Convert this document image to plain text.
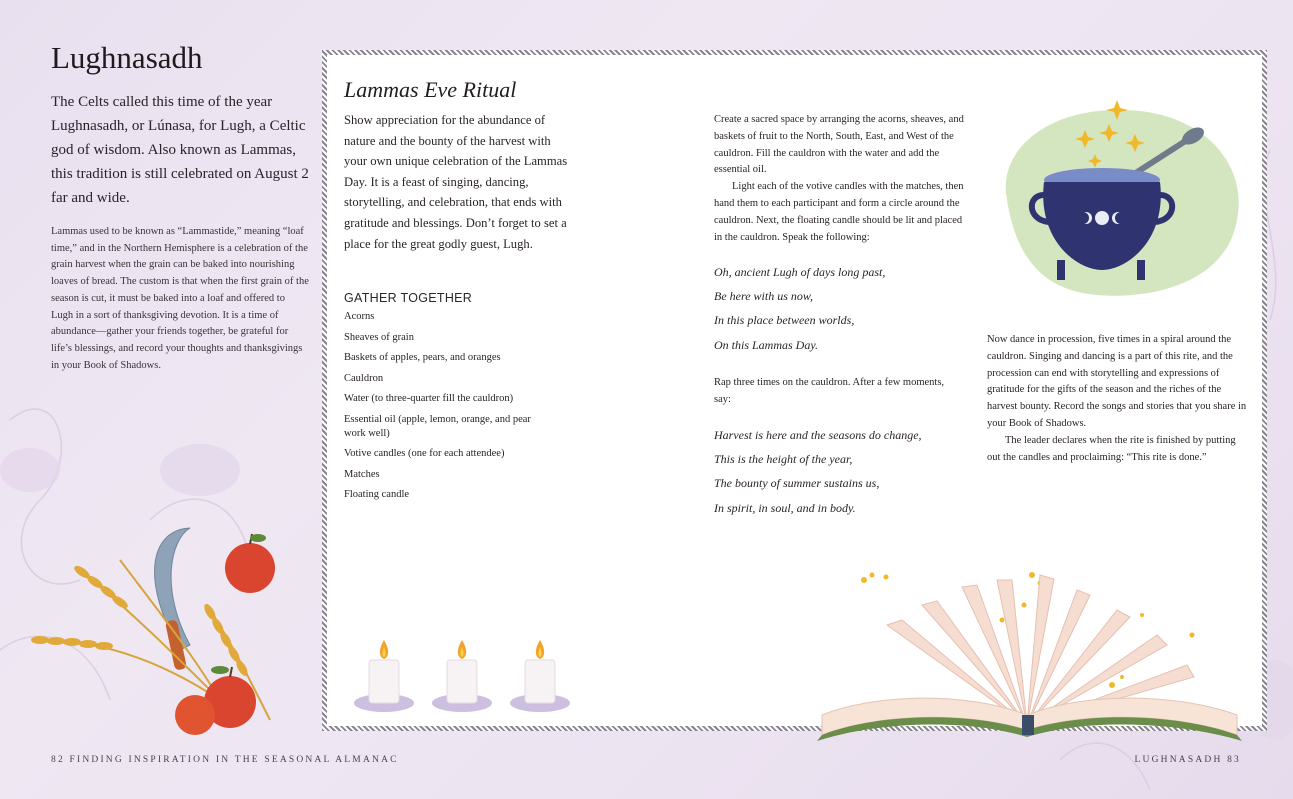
Lughnasadh

The Celts called this time of the year Lughnasadh, or Lúnasa, for Lugh, a Celtic god of wisdom. Also known as Lammas, this tradition is still celebrated on August 2 far and wide.

Lammas used to be known as “Lammastide,” meaning “loaf time,” and in the Northern Hemisphere is a celebration of the grain harvest when the grain can be baked into nourishing loaves of bread. The custom is that when the first grain of the season is cut, it must be baked into a loaf and offered to Lugh in a sort of thanksgiving devotion. It is a time of abundance—gather your friends together, be grateful for life’s blessings, and record your thoughts and thanksgivings in your Book of Shadows.

Lammas Eve Ritual

Show appreciation for the abundance of nature and the bounty of the harvest with your own unique celebration of the Lammas Day. It is a feast of singing, dancing, storytelling, and celebration, that ends with gratitude and blessings. Don’t forget to set a place for the great godly guest, Lugh.

GATHER TOGETHER
Acorns
Sheaves of grain
Baskets of apples, pears, and oranges
Cauldron
Water (to three-quarter fill the cauldron)
Essential oil (apple, lemon, orange, and pear work well)
Votive candles (one for each attendee)
Matches
Floating candle

Create a sacred space by arranging the acorns, sheaves, and baskets of fruit to the North, South, East, and West of the cauldron. Fill the cauldron with the water and add the essential oil.

Light each of the votive candles with the matches, then hand them to each participant and form a circle around the cauldron. Next, the floating candle should be lit and placed in the cauldron. Speak the following:

Oh, ancient Lugh of days long past,
Be here with us now,
In this place between worlds,
On this Lammas Day.

Rap three times on the cauldron. After a few moments, say:

Harvest is here and the seasons do change,
This is the height of the year,
The bounty of summer sustains us,
In spirit, in soul, and in body.

Now dance in procession, five times in a spiral around the cauldron. Singing and dancing is a part of this rite, and the procession can end with storytelling and expressions of gratitude for the gifts of the season and the riches of the harvest bounty. Record the songs and stories that you share in your Book of Shadows.

The leader declares when the rite is finished by putting out the candles and proclaiming: “This rite is done.”

82 FINDING INSPIRATION IN THE SEASONAL ALMANAC	LUGHNASADH 83
